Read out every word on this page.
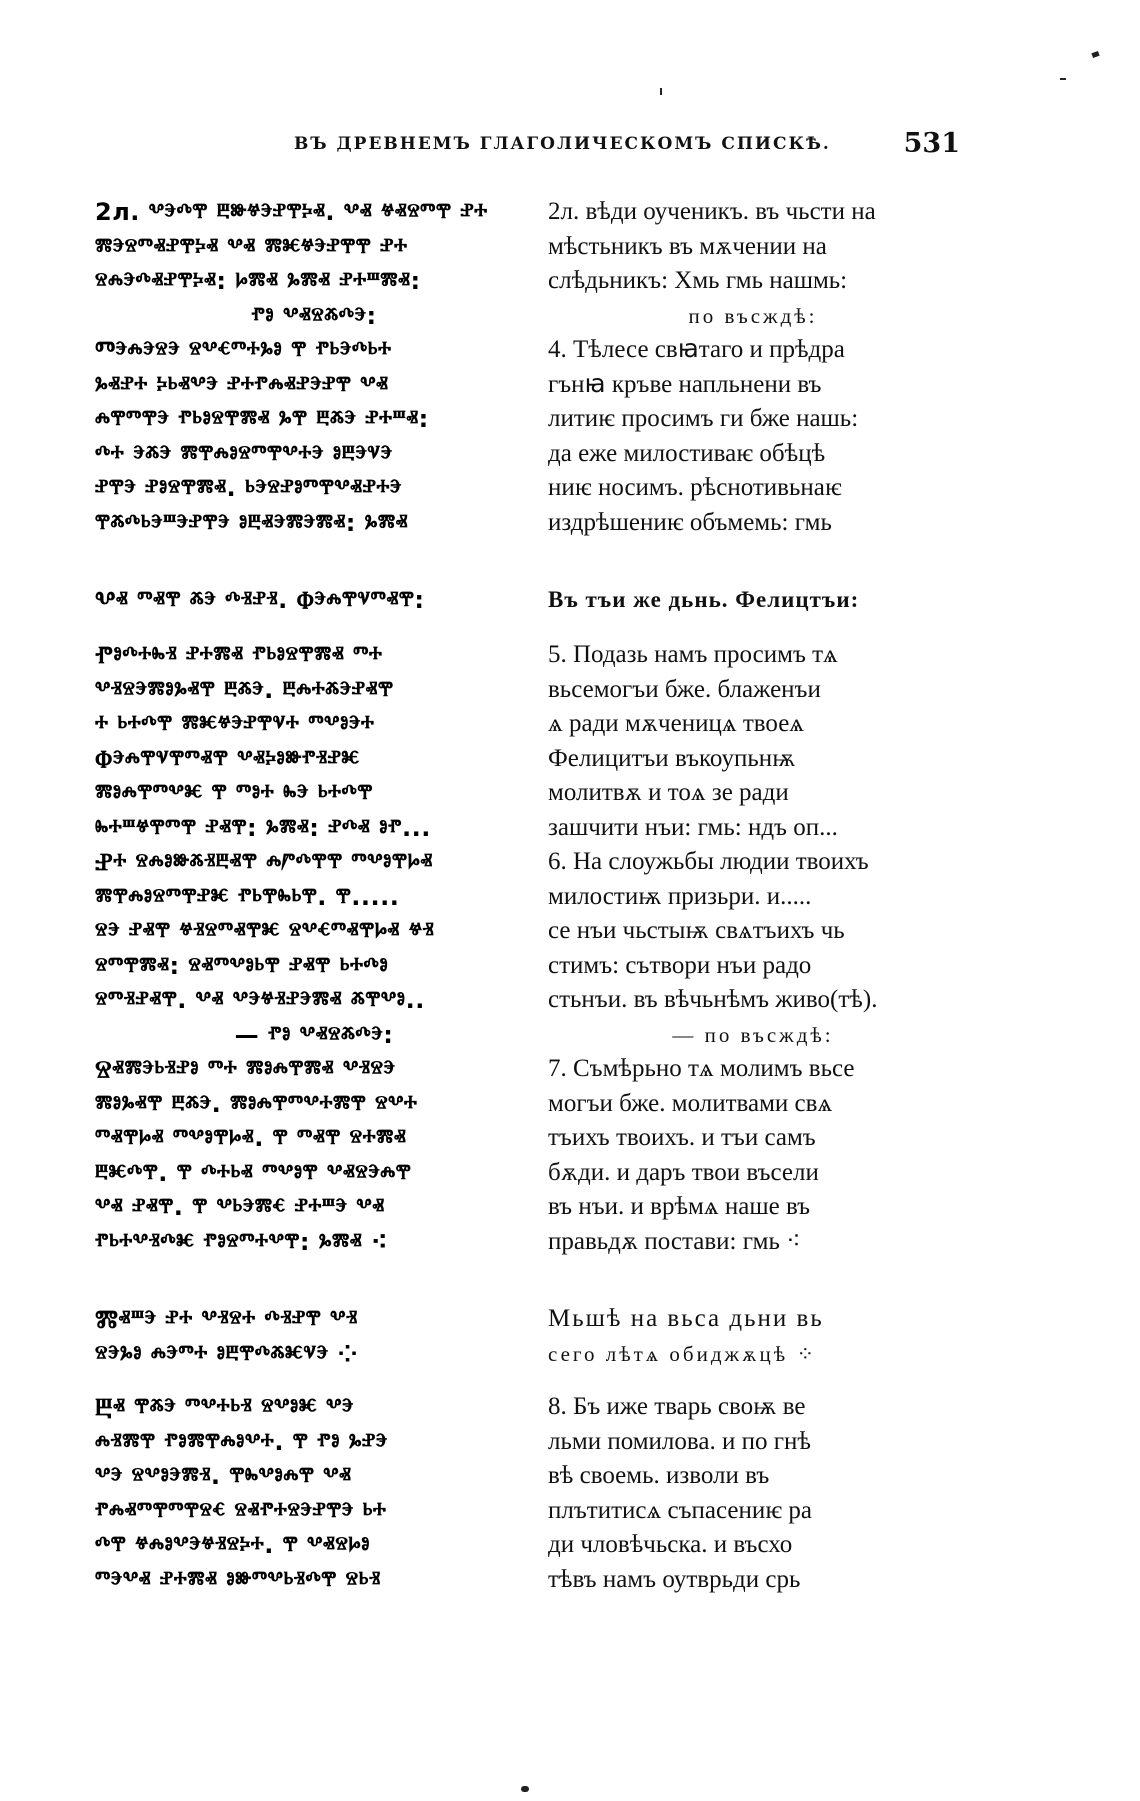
ВЪ ДРЕВНЕМЪ ГЛАГОЛИЧЕСКОМЪ СПИСКѢ.	531
2л. ⰲⰵⰴⰹ ⰱⱆⱍⰵⱀⰹⰽⱏ. ⰲⱏ ⱍⱏⱄⱅⰹ ⱀⰰ
ⰿⰵⱄⱅⱏⱀⰹⰽⱏ ⰲⱏ ⰿⱘⱍⰵⱀⰹⰹ ⱀⰰ
ⱄⰾⰵⰴⱏⱀⰹⰽⱏ: ⱈⰿⱏ ⰳⰿⱏ ⱀⰰⱎⰿⱏ:
ⱂⱁ ⰲⱏⱄⰶⰴⰵ:
Ⱅⰵⰾⰵⱄⰵ ⱄⰲⱔⱅⰰⰳⱁ ⰹ ⱂⱃⰵⰴⱃⰰ
ⰳⱏⱀⰰ ⰽⱃⱏⰲⰵ ⱀⰰⱂⰾⱏⱀⰵⱀⰹ ⰲⱏ
ⰾⰹⱅⰹⰵ ⱂⱃⱁⱄⰹⰿⱏ ⰳⰹ ⰱⰶⰵ ⱀⰰⱎⱏ:
ⰴⰰ ⰵⰶⰵ ⰿⰹⰾⱁⱄⱅⰹⰲⰰⰵ ⱁⰱⰵⱌⰵ
ⱀⰹⰵ ⱀⱁⱄⰹⰿⱏ. ⱃⰵⱄⱀⱁⱅⰹⰲⱏⱀⰰⰵ
ⰹⰶⰴⱃⰵⱎⰵⱀⰹⰵ ⱁⰱⱏⰵⰿⰵⰿⱏ: ⰳⰿⱏ
2л. вѣди оученикъ. въ чьсти на
мѣстьникъ въ мѫчении на
слѣдьникъ: Хмь гмь нашмь:
по въсждѣ:
4. Тѣлесе свꙗтаго и прѣдра
гънꙗ кръве напльнени въ
литиѥ просимъ ги бже нашь:
да еже милостиваѥ обѣцѣ
ниѥ носимъ. рѣснотивьнаѥ
издрѣшениѥ объмемь: гмь
Ⰲⱏ ⱅⱏⰹ ⰶⰵ ⰴⱐⱀⱐ. Ⱇⰵⰾⰹⱌⱅⱏⰹ:	Въ тъи же дьнь. Фелицтъи:
Ⱂⱁⰴⰰⰸⱐ ⱀⰰⰿⱏ ⱂⱃⱁⱄⰹⰿⱏ ⱅⰰ
ⰲⱐⱄⰵⰿⱁⰳⱏⰹ ⰱⰶⰵ. ⰱⰾⰰⰶⰵⱀⱏⰹ
ⰰ ⱃⰰⰴⰹ ⰿⱘⱍⰵⱀⰹⱌⰰ ⱅⰲⱁⰵⰰ
Ⱇⰵⰾⰹⱌⰹⱅⱏⰹ ⰲⱏⰽⱁⱆⱂⱐⱀⱘ
ⰿⱁⰾⰹⱅⰲⱘ ⰹ ⱅⱁⰰ ⰸⰵ ⱃⰰⰴⰹ
ⰸⰰⱎⱍⰹⱅⰹ ⱀⱏⰹ: ⰳⰿⱏ: ⱀⰴⱏ ⱁⱂ...
Ⱀⰰ ⱄⰾⱁⱆⰶⱐⰱⱏⰹ ⰾⱓⰴⰹⰹ ⱅⰲⱁⰹⱈⱏ
ⰿⰹⰾⱁⱄⱅⰹⱀⱘ ⱂⱃⰹⰸⱃⰹ. ⰹ.....
ⱄⰵ ⱀⱏⰹ ⱍⱐⱄⱅⱏⰹⱘ ⱄⰲⱔⱅⱏⰹⱈⱏ ⱍⱐ
ⱄⱅⰹⰿⱏ: ⱄⱏⱅⰲⱁⱃⰹ ⱀⱏⰹ ⱃⰰⰴⱁ
ⱄⱅⱐⱀⱏⰹ. ⰲⱏ ⰲⰵⱍⱐⱀⰵⰿⱏ ⰶⰹⰲⱁ..
— ⱂⱁ ⰲⱏⱄⰶⰴⰵ:
5. Подазь намъ просимъ тѧ
вьсемогъи бже. блаженъи
ѧ ради мѫченицѧ твоеѧ
Фелицитъи въкоупьнѭ
молитвѫ и тоѧ зе ради
зашчити нъи: гмь: ндъ оп...
6. На слоужьбы людии твоихъ
милостиѭ призьри. и.....
се нъи чьстыѭ свѧтъихъ чь
стимъ: сътвори нъи радо
стьнъи. въ вѣчьнѣмъ живо(тѣ).
— по въсждѣ:
Ⱄⱏⰿⰵⱃⱐⱀⱁ ⱅⰰ ⰿⱁⰾⰹⰿⱏ ⰲⱐⱄⰵ
ⰿⱁⰳⱏⰹ ⰱⰶⰵ. ⰿⱁⰾⰹⱅⰲⰰⰿⰹ ⱄⰲⰰ
ⱅⱏⰹⱈⱏ ⱅⰲⱁⰹⱈⱏ. ⰹ ⱅⱏⰹ ⱄⰰⰿⱏ
ⰱⱘⰴⰹ. ⰹ ⰴⰰⱃⱏ ⱅⰲⱁⰹ ⰲⱏⱄⰵⰾⰹ
ⰲⱏ ⱀⱏⰹ. ⰹ ⰲⱃⰵⰿⱔ ⱀⰰⱎⰵ ⰲⱏ
ⱂⱃⰰⰲⱐⰴⱘ ⱂⱁⱄⱅⰰⰲⰹ: ⰳⰿⱏ ⁖
7. Съмѣрьно тѧ молимъ вьсе
могъи бже. молитвами свѧ
тъихъ твоихъ. и тъи самъ
бѫди. и даръ твои въсели
въ нъи. и врѣмѧ наше въ
правьдѫ постави: гмь ⁖
Ⰿⱏⱎⰵ ⱀⰰ ⰲⱐⱄⰰ ⰴⱐⱀⰹ ⰲⱐ
ⱄⰵⰳⱁ ⰾⰵⱅⰰ ⱁⰱⰹⰴⰶⱘⱌⰵ ⁘
Мьшѣ на вьса дьни вь
сего лѣтѧ обиджѫцѣ ⁘
Ⰱⱏ ⰹⰶⰵ ⱅⰲⰰⱃⱐ ⱄⰲⱁⱘ ⰲⰵ
ⰾⱐⰿⰹ ⱂⱁⰿⰹⰾⱁⰲⰰ. ⰹ ⱂⱁ ⰳⱀⰵ
ⰲⰵ ⱄⰲⱁⰵⰿⱐ. ⰹⰸⰲⱁⰾⰹ ⰲⱏ
ⱂⰾⱏⱅⰹⱅⰹⱄⱔ ⱄⱏⱂⰰⱄⰵⱀⰹⰵ ⱃⰰ
ⰴⰹ ⱍⰾⱁⰲⰵⱍⱐⱄⰽⰰ. ⰹ ⰲⱏⱄⱈⱁ
ⱅⰵⰲⱏ ⱀⰰⰿⱏ ⱁⱆⱅⰲⱃⱐⰴⰹ ⱄⱃⱐ
8. Бъ иже тварь своѭ ве
льми помилова. и по гнѣ
вѣ своемь. изволи въ
плътитисѧ съпасениѥ ра
ди чловѣчьска. и въсхо
тѣвъ намъ оутврьди срь
